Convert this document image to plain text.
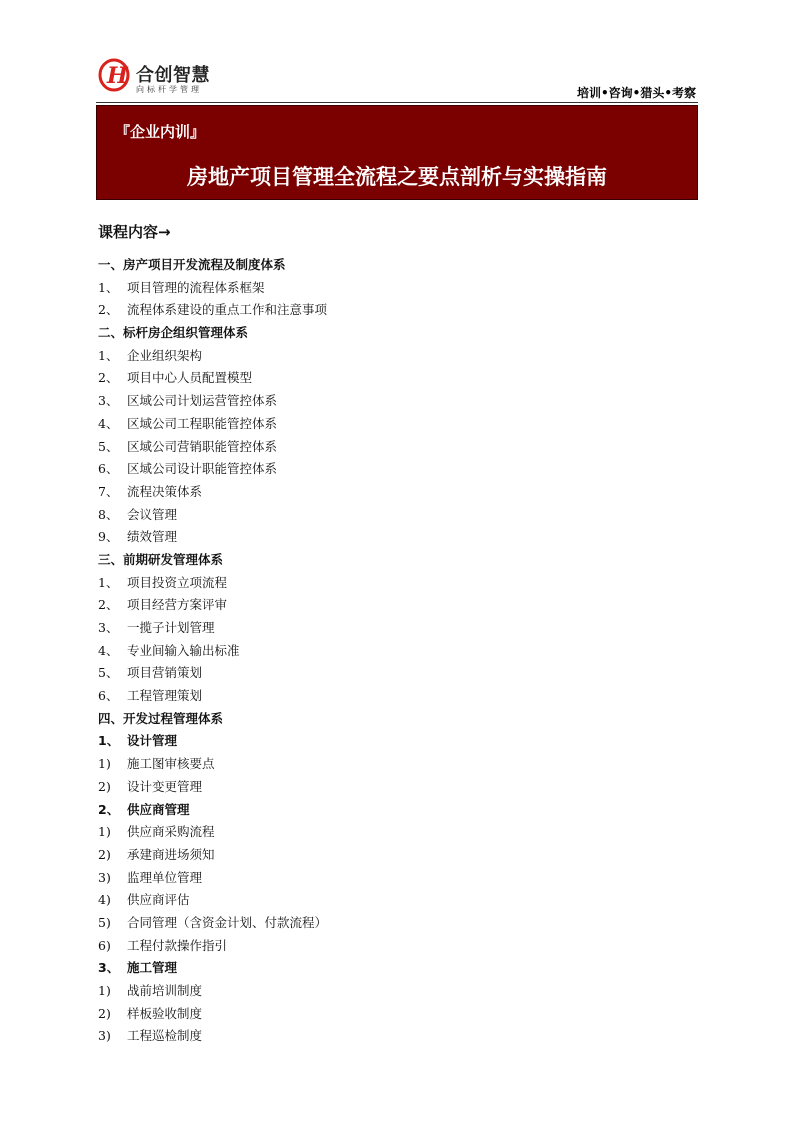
H 合创智慧
向标杆学管理	培训•咨询•猎头•考察
『企业内训』
房地产项目管理全流程之要点剖析与实操指南
课程内容→
一、房产项目开发流程及制度体系
1、 项目管理的流程体系框架
2、 流程体系建设的重点工作和注意事项
二、标杆房企组织管理体系
1、 企业组织架构
2、 项目中心人员配置模型
3、 区域公司计划运营管控体系
4、 区域公司工程职能管控体系
5、 区域公司营销职能管控体系
6、 区域公司设计职能管控体系
7、 流程决策体系
8、 会议管理
9、 绩效管理
三、前期研发管理体系
1、 项目投资立项流程
2、 项目经营方案评审
3、 一揽子计划管理
4、 专业间输入输出标准
5、 项目营销策划
6、 工程管理策划
四、开发过程管理体系
1、 设计管理
1) 施工图审核要点
2) 设计变更管理
2、 供应商管理
1) 供应商采购流程
2) 承建商进场须知
3) 监理单位管理
4) 供应商评估
5) 合同管理（含资金计划、付款流程）
6) 工程付款操作指引
3、 施工管理
1) 战前培训制度
2) 样板验收制度
3) 工程巡检制度
